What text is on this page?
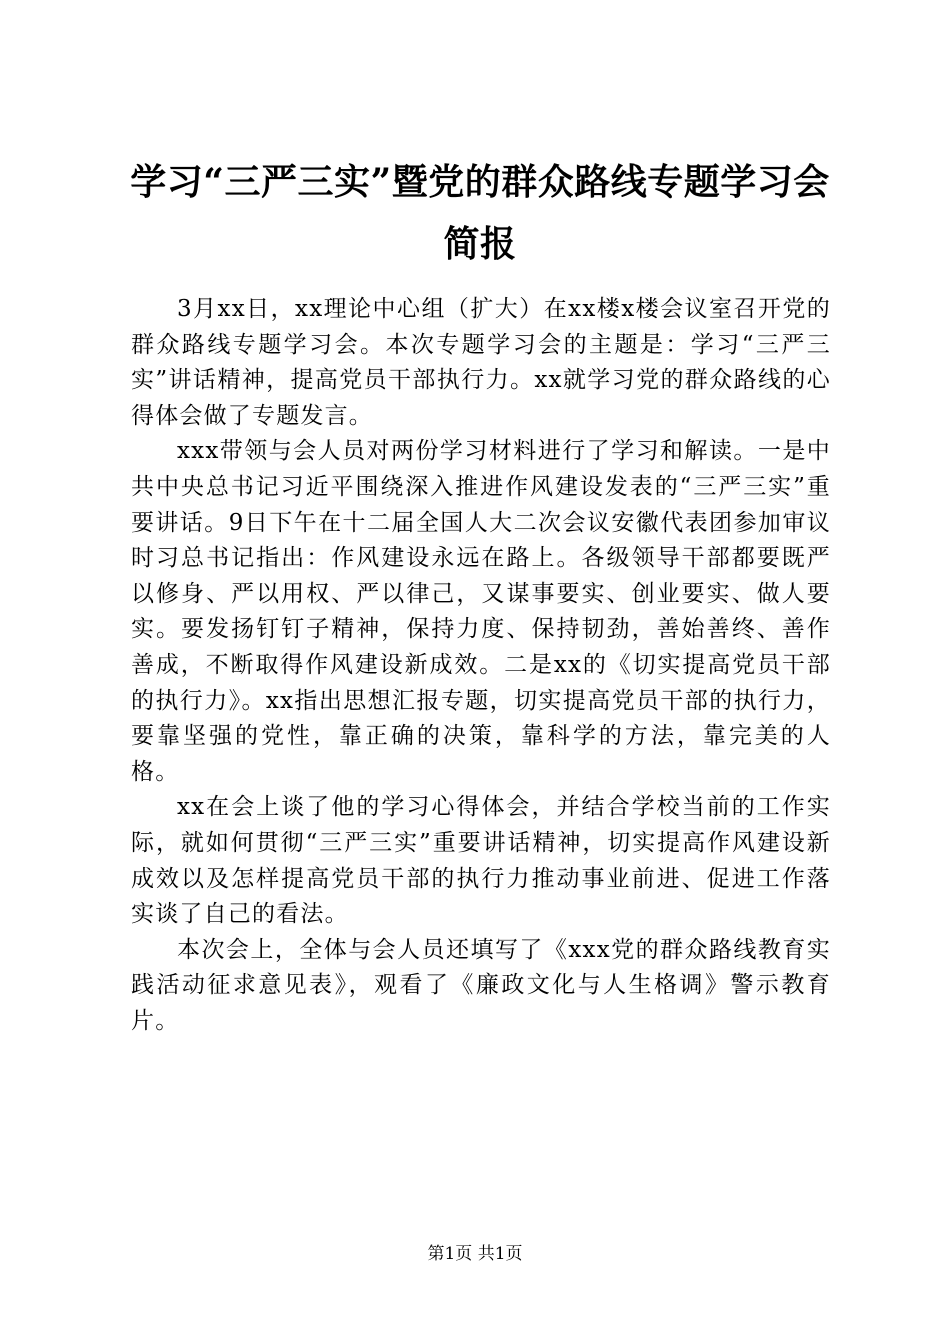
学习“三严三实”暨党的群众路线专题学习会
简报

3月xx日，xx理论中心组（扩大）在xx楼x楼会议室召开党的群众路线专题学习会。本次专题学习会的主题是：学习“三严三实”讲话精神，提高党员干部执行力。xx就学习党的群众路线的心得体会做了专题发言。

xxx带领与会人员对两份学习材料进行了学习和解读。一是中共中央总书记习近平围绕深入推进作风建设发表的“三严三实”重要讲话。9日下午在十二届全国人大二次会议安徽代表团参加审议时习总书记指出：作风建设永远在路上。各级领导干部都要既严以修身、严以用权、严以律己，又谋事要实、创业要实、做人要实。要发扬钉钉子精神，保持力度、保持韧劲，善始善终、善作善成，不断取得作风建设新成效。二是xx的《切实提高党员干部的执行力》。xx指出思想汇报专题，切实提高党员干部的执行力，要靠坚强的党性，靠正确的决策，靠科学的方法，靠完美的人格。

xx在会上谈了他的学习心得体会，并结合学校当前的工作实际，就如何贯彻“三严三实”重要讲话精神，切实提高作风建设新成效以及怎样提高党员干部的执行力推动事业前进、促进工作落实谈了自己的看法。

本次会上，全体与会人员还填写了《xxx党的群众路线教育实践活动征求意见表》，观看了《廉政文化与人生格调》警示教育片。

第1页 共1页
